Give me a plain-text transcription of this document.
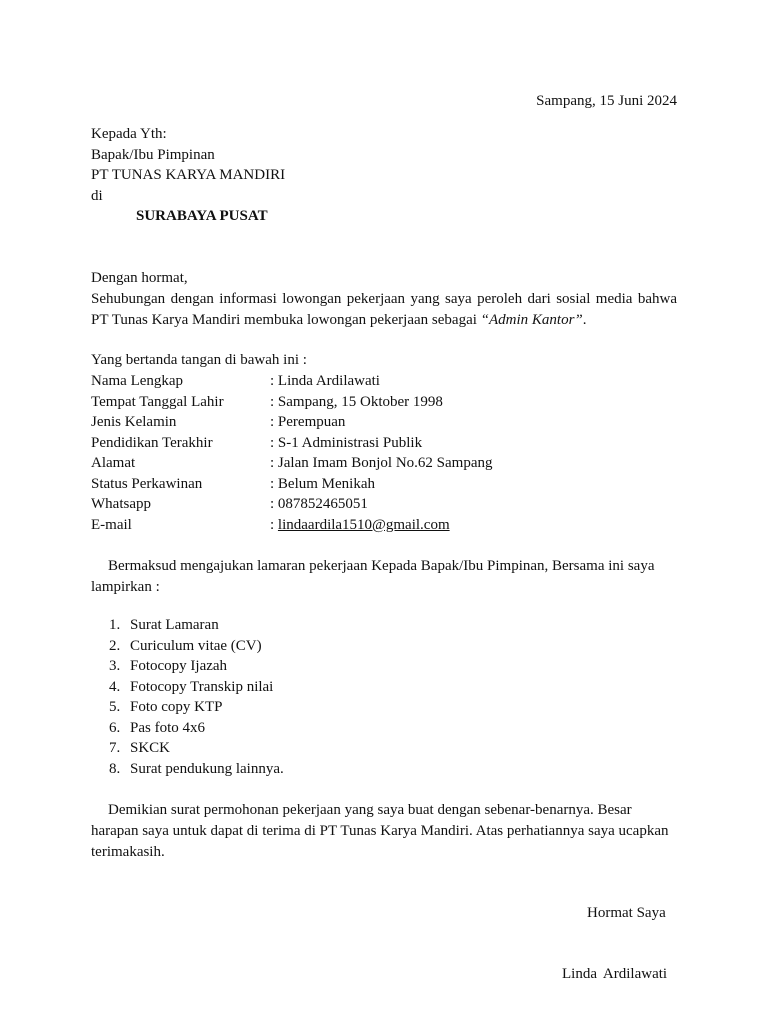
Sampang, 15 Juni 2024
Kepada Yth:
Bapak/Ibu Pimpinan
PT TUNAS KARYA MANDIRI
di
SURABAYA PUSAT
Dengan hormat,
Sehubungan dengan informasi lowongan pekerjaan yang saya peroleh dari sosial media bahwa PT Tunas Karya Mandiri membuka lowongan pekerjaan sebagai “Admin Kantor”.
Yang bertanda tangan di bawah ini :
Nama Lengkap	: Linda Ardilawati
Tempat Tanggal Lahir	: Sampang, 15 Oktober 1998
Jenis Kelamin	: Perempuan
Pendidikan Terakhir	: S-1 Administrasi Publik
Alamat	: Jalan Imam Bonjol No.62 Sampang
Status Perkawinan	: Belum Menikah
Whatsapp	: 087852465051
E-mail	: lindaardila1510@gmail.com
Bermaksud mengajukan lamaran pekerjaan Kepada Bapak/Ibu Pimpinan, Bersama ini saya lampirkan :
1. Surat Lamaran
2. Curiculum vitae (CV)
3. Fotocopy Ijazah
4. Fotocopy Transkip nilai
5. Foto copy KTP
6. Pas foto 4x6
7. SKCK
8. Surat pendukung lainnya.
Demikian surat permohonan pekerjaan yang saya buat dengan sebenar-benarnya. Besar harapan saya untuk dapat di terima di PT Tunas Karya Mandiri. Atas perhatiannya saya ucapkan terimakasih.
Hormat Saya
Linda Ardilawati
